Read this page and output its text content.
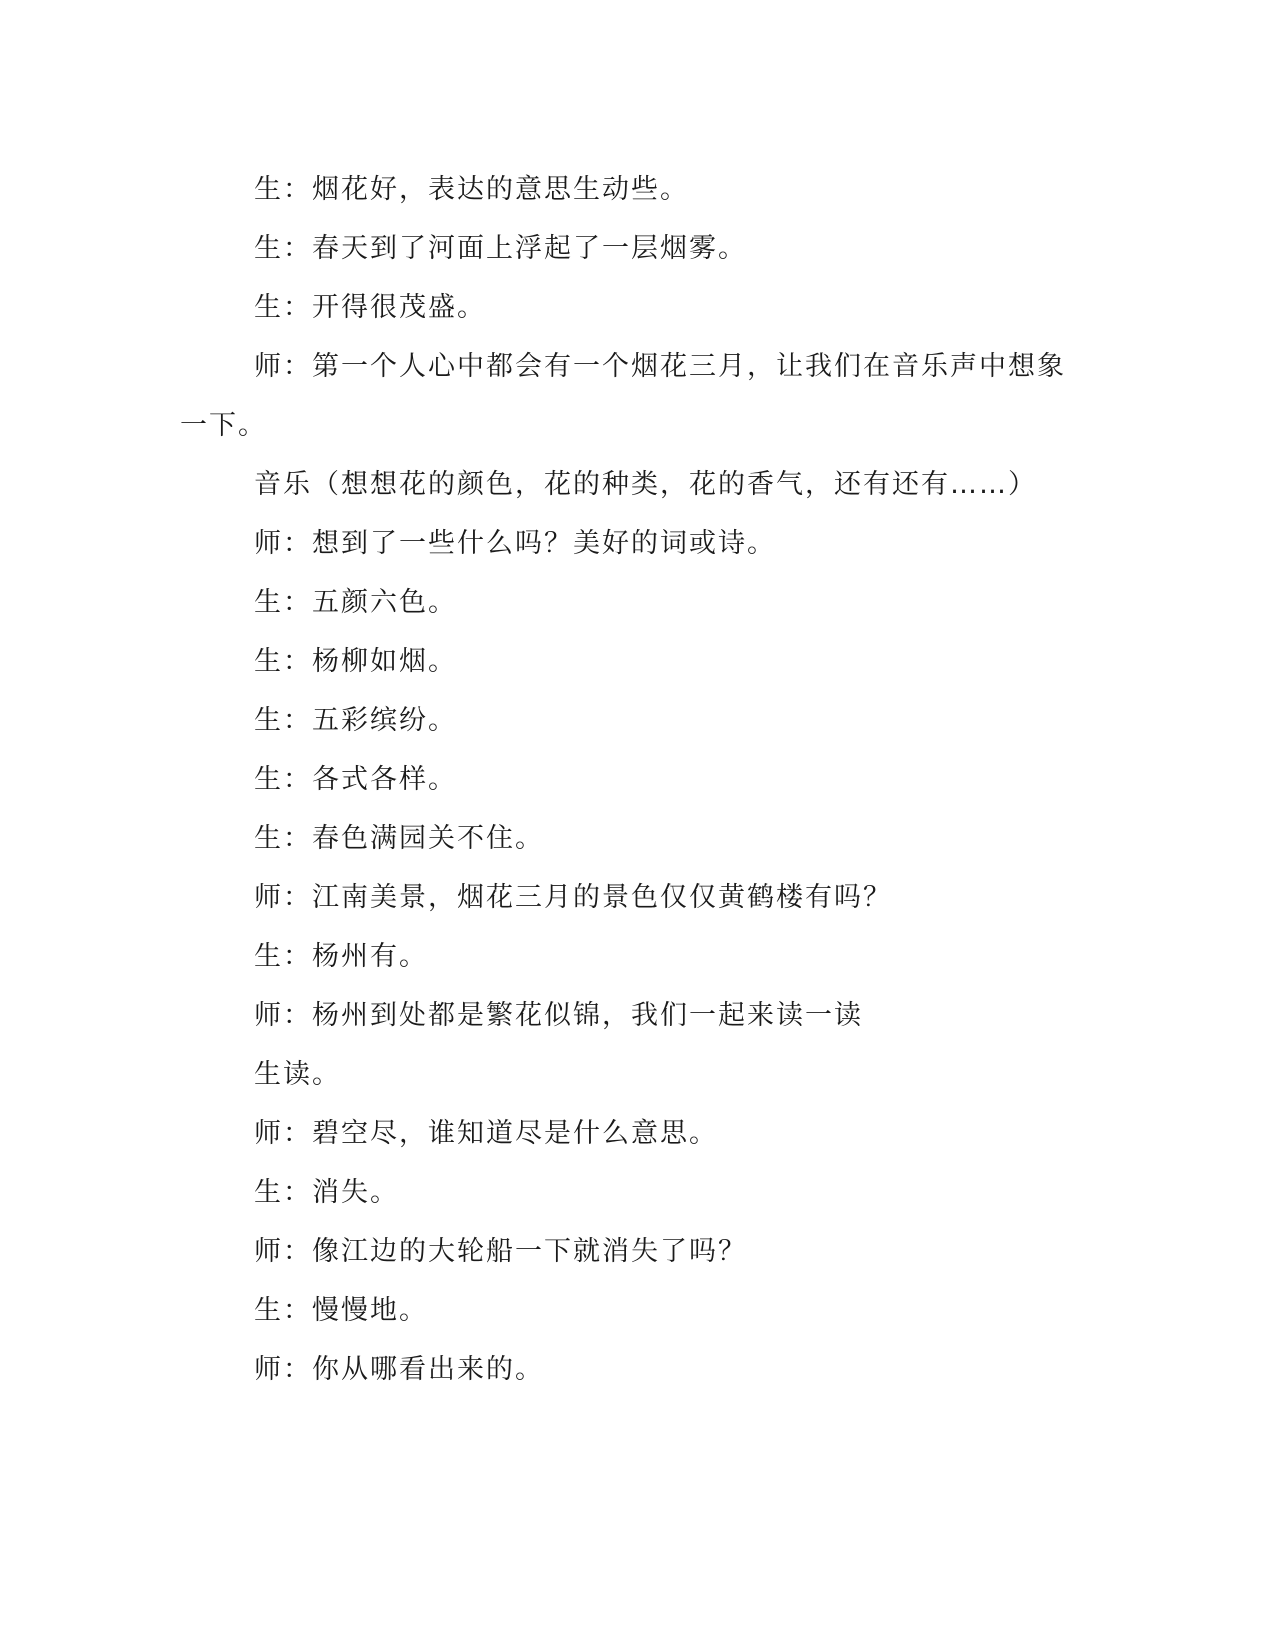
生：烟花好，表达的意思生动些。

生：春天到了河面上浮起了一层烟雾。

生：开得很茂盛。

师：第一个人心中都会有一个烟花三月，让我们在音乐声中想象

一下。

音乐（想想花的颜色，花的种类，花的香气，还有还有……）

师：想到了一些什么吗？美好的词或诗。

生：五颜六色。

生：杨柳如烟。

生：五彩缤纷。

生：各式各样。

生：春色满园关不住。

师：江南美景，烟花三月的景色仅仅黄鹤楼有吗？

生：杨州有。

师：杨州到处都是繁花似锦，我们一起来读一读

生读。

师：碧空尽，谁知道尽是什么意思。

生：消失。

师：像江边的大轮船一下就消失了吗？

生：慢慢地。

师：你从哪看出来的。
